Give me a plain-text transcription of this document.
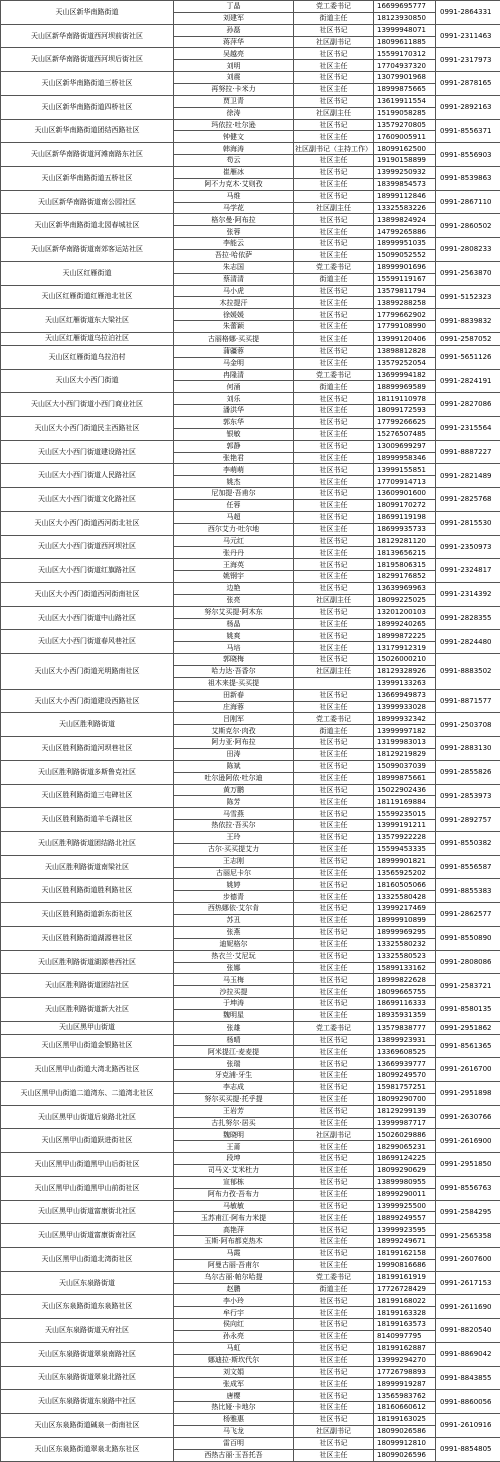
天山区新华南路街道	丁晶	党工委书记	16699695777	0991-2864331
	刘建军	街道主任	18123930850	
天山区新华南路街道西河坝前街社区	孙磊	社区书记	13999948071	0991-2311463
	蒋萍华	社区副书记	18099611885	
天山区新华南路街道西河坝后街社区	吴越亮	社区书记	15599170312	0991-2317973
	刘明	社区主任	17704937320	
天山区新华南路街道三桥社区	刘震	社区书记	13079901968	0991-2878165
	再努拉·卡米力	社区主任	18999875665	
天山区新华南路街道四桥社区	贾卫青	社区书记	13619911554	0991-2892163
	徐涛	社区副主任	15199058285	
天山区新华南路街道团结西路社区	玛依拉·吐尔逊	社区书记	13579270805	0991-8556371
	钟健文	社区主任	17609005911	
天山区新华南路街道河滩南路东社区	韩海涛	社区副书记（主持工作）	18099162500	0991-8556903
	苟云	社区主任	19190158899	
天山区新华南路街道五桥社区	崔雁冰	社区书记	13999250932	0991-8539863
	阿不力克木·艾则孜	社区主任	18399854573	
天山区新华南路街道南公园社区	马维	社区书记	18999112846	0991-2867110
	马学花	社区副主任	13325583226	
天山区新华南路街道北园春城社区	格尔曼·阿布拉	社区书记	13899824924	0991-2860502
	张蓉	社区主任	14799265886	
天山区新华南路街道南郊客运站社区	李能云	社区书记	18999951035	0991-2808233
	吾拉·哈依萨	社区主任	15099052552	
天山区红雁街道	朱志国	党工委书记	18999901696	0991-2563870
	蔡清清	街道主任	15599119167	
天山区红雁街道红雁池北社区	马小虎	社区书记	13579811794	0991-5152323
	木拉提汗	社区主任	13899288258	
天山区红雁街道东大梁社区	徐媛媛	社区书记	17799662902	0991-8839832
	朱蕾颖	社区主任	17799108990	
天山区红雁街道乌拉泊社区	古丽格娜·买买提	社区主任	13999120406	0991-2587052
天山区红雁街道乌拉泊村	蒲疆蓉	社区书记	13898812828	0991-5651126
	马金明	社区主任	13579252054	
天山区大小西门街道	冉隆清	党工委书记	13699994182	0991-2824191
	何涌	街道主任	18899969589	
天山区大小西门街道小西门商业社区	刘乐	社区书记	18119110978	0991-2827086
	潘洪华	社区主任	18099172593	
天山区大小西门街道民主西路社区	郭东华	社区书记	17799266625	0991-2315564
	银敏	社区主任	15276507485	
天山区大小西门街道建设路社区	郭静	社区书记	13009699297	0991-8887227
	张艳君	社区主任	18999958346	
天山区大小西门街道人民路社区	李萌萌	社区书记	13999155851	0991-2821489
	姚杰	社区主任	17709914713	
天山区大小西门街道文化路社区	尼加提·吾甫尔	社区书记	13609901600	0991-2825768
	任蓉	社区主任	18099170272	
天山区大小西门街道西河街北社区	马超	社区书记	18699119198	0991-2815530
	西尔艾力·吐尔地	社区主任	18699935733	
天山区大小西门街道西河坝社区	马元红	社区书记	18129281120	0991-2350973
	张丹丹	社区主任	18139656215	
天山区大小西门街道红旗路社区	王海英	社区书记	18195806315	0991-2324817
	姚钢宇	社区主任	18299176852	
天山区大小西门街道西河街南社区	边艳	社区书记	13639969963	0991-2314392
	张亮	社区副主任	18099225025	
天山区大小西门街道中山路社区	努尔艾买提·阿木东	社区书记	13201200103	0991-2828355
	杨晶	社区主任	18999240265	
天山区大小西门街道春风巷社区	姚爽	社区书记	18999872225	0991-2824480
	马培	社区主任	13179912319	
天山区大小西门街道光明路南社区	郭晓梅	社区书记	15026000210	0991-8883502
	哈力达·吾香尔	社区副主任	18129328926	
	祖木来提·买买提		13999133263	
天山区大小西门街道建设西路社区	田新春	社区书记	13669949873	0991-8871577
	庄海蓉	社区主任	13999933028	
天山区胜利路街道	吕刚军	党工委书记	18999932342	0991-2503708
	艾斯克尔·肉孜	街道主任	13999997182	
天山区胜利路街道河坝巷社区	阿力亚·阿布拉	社区书记	13199983013	0991-2883130
	田涛	社区主任	18129219829	
天山区胜利路街道多斯鲁克社区	陈斌	社区书记	15099037039	0991-2855826
	吐尔逊阿依·吐尔迪	社区主任	18999875661	
天山区胜利路街道三屯碑社区	黄万鹏	社区书记	15022902436	0991-2853973
	陈芳	社区主任	18119169884	
天山区胜利路街道羊毛湖社区	马雪燕	社区书记	15599235015	0991-2892757
	热依拉·吾买尔	社区主任	13999191211	
天山区胜利路街道团结路北社区	王玲	社区书记	13579922228	0991-8550382
	古尔·买买提艾力	社区主任	15599453335	
天山区胜利路街道南梁社区	王志刚	社区书记	18999901821	0991-8556587
	古丽尼卡尔	社区主任	13565925202	
天山区胜利路街道胜利路社区	姚婷	社区书记	18160505066	0991-8855383
	步德青	社区主任	13325580428	
天山区胜利路街道新东街社区	西热娜依·艾尔肯	社区书记	13999217469	0991-2862577
	苏丑	社区主任	18999910899	
天山区胜利路街道湖源巷社区	张燕	社区书记	18999969295	0991-8550890
	迪妮格尔	社区主任	13325580232	
天山区胜利路街道湖源巷西社区	热衣兰·艾尼玩	社区书记	13325580523	0991-2808086
	张娜	社区主任	15899133162	
天山区胜利路街道团结社区	马玉梅	社区书记	18999822628	0991-2583721
	沙拉买提	社区主任	18099665755	
天山区胜利路街道新大社区	于坤涛	社区书记	18699116333	0991-8580135
	魏明星	社区主任	18935931359	
天山区黑甲山街道	张雄	党工委书记	13579838777	0991-2951862
天山区黑甲山街道金银路社区	杨晴	社区书记	13899923931	0991-8561365
	阿米提江·麦麦提	社区主任	13369608525	
天山区黑甲山街道大湾北路西社区	张瑞	社区书记	13669939777	0991-2616700
	牙克浦·牙生	社区主任	18099249570	
天山区黑甲山街道二道湾东、二道湾北社区	李志成	社区书记	15981757251	0991-2951898
	努尔买买提·托乎提	社区主任	18099290700	
天山区黑甲山街道后泉路北社区	王岩芳	社区书记	18129299139	0991-2630766
	古扎努尔·居买	社区主任	13999987717	
天山区黑甲山街道跃进街社区	魏晓明	社区副书记	15026029886	0991-2616900
	王莆	社区主任	18299065231	
天山区黑甲山街道黑甲山后街社区	段坤	社区书记	18699124225	0991-2951850
	司马义·艾米杜力	社区主任	18099290629	
天山区黑甲山街道黑甲山前街社区	宣郁栋	社区书记	13899980955	0991-8556763
	阿布力孜·吾布力	社区主任	18999290011	
天山区黑甲山街道富康街北社区	马敏敏	社区书记	13999925500	0991-2584295
	玉苏甫江·阿布力米提	社区主任	18899249557	
天山区黑甲山街道富康街南社区	高艳萍	社区书记	13999923595	0991-2565358
	玉斯·阿布都克热木	社区主任	18999249671	
天山区黑甲山街道北湾街社区	马霞	社区书记	18199162158	0991-2607600
	阿曼古丽·吾甫尔	社区主任	19990816686	
天山区东泉路街道	乌尔古丽·帕尔哈提	党工委书记	18199161919	0991-2617153
	赵鹏	街道主任	17726728429	
天山区东泉路街道东泉路社区	李小玲	社区书记	18199168022	0991-2611690
	牟行宇	社区主任	18199163328	
天山区东泉路街道天府社区	侯向红	社区书记	18199163573	0991-8820540
	孙永亮	社区主任	8140997795	
天山区东泉路街道翠泉南路社区	马虹	社区书记	18199162887	0991-8869042
	娜迪拉·斯坎代尔	社区主任	13999294270	
天山区东泉路街道翠泉北路社区	刘文娟	社区书记	17726798893	0991-8843855
	张成军	社区主任	18999919287	
天山区东泉路街道东泉路中社区	唐樱	社区书记	13565983762	0991-8860056
	热比娅·卡地尔	社区主任	18160660612	
天山区东泉路街道碱泉一街南社区	杨雅惠	社区书记	18199163025	0991-2610916
	马飞龙	社区副书记	18099026586	
天山区东泉路街道翠泉北路东社区	雷百明	社区书记	18099912810	0991-8854805
	西热古丽·玉吾托吾	社区主任	18099026596	
